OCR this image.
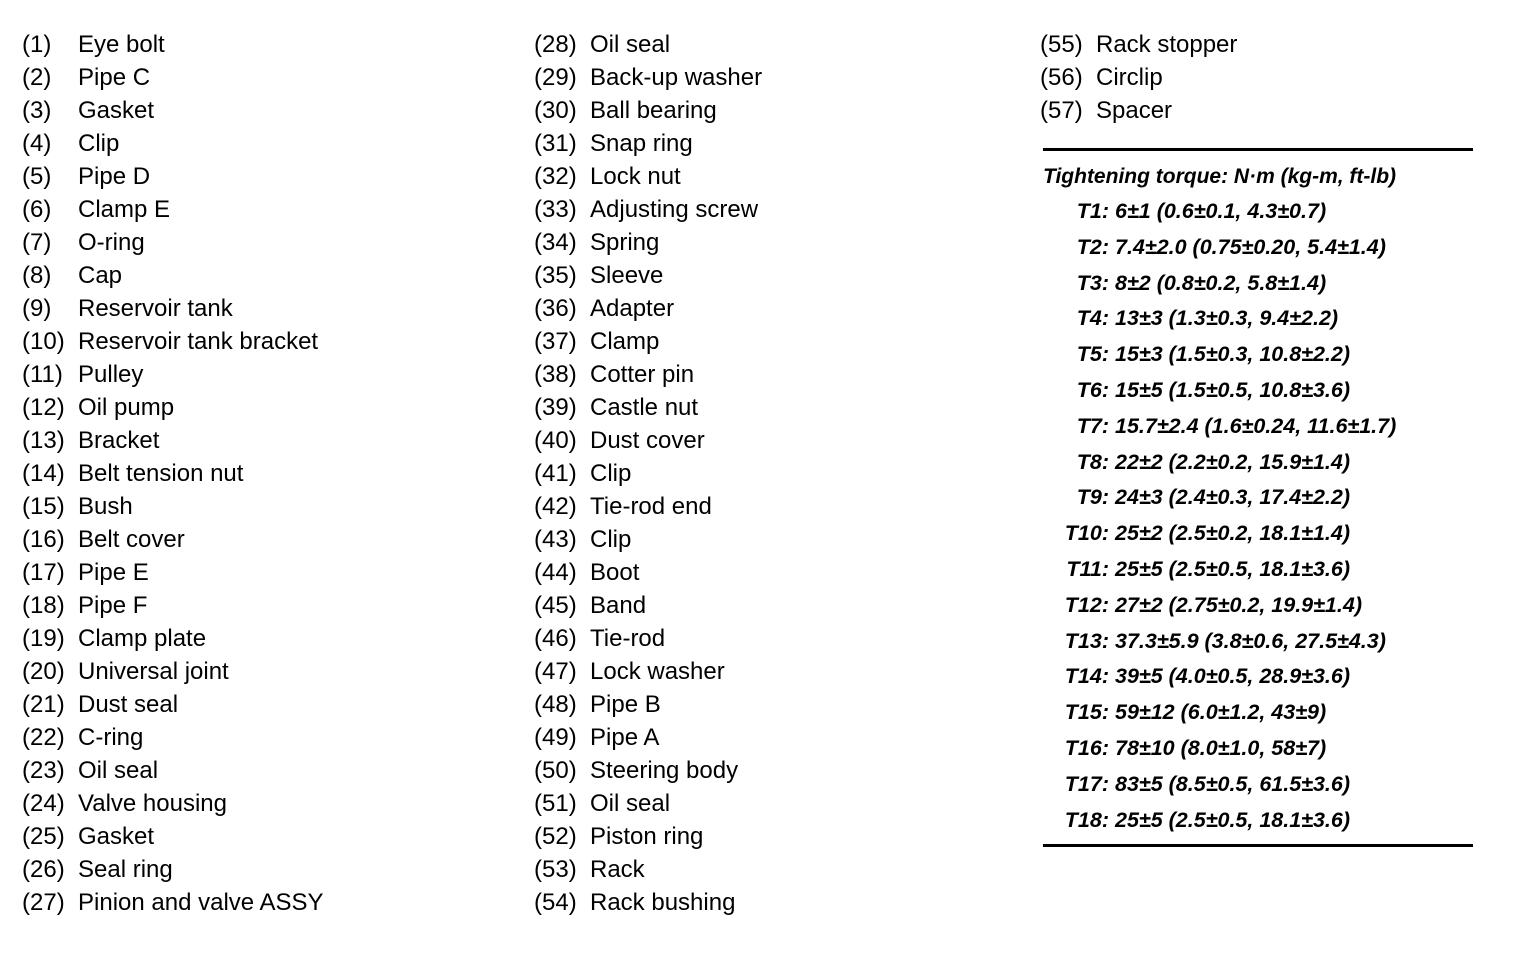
(1) Eye bolt
(2) Pipe C
(3) Gasket
(4) Clip
(5) Pipe D
(6) Clamp E
(7) O-ring
(8) Cap
(9) Reservoir tank
(10) Reservoir tank bracket
(11) Pulley
(12) Oil pump
(13) Bracket
(14) Belt tension nut
(15) Bush
(16) Belt cover
(17) Pipe E
(18) Pipe F
(19) Clamp plate
(20) Universal joint
(21) Dust seal
(22) C-ring
(23) Oil seal
(24) Valve housing
(25) Gasket
(26) Seal ring
(27) Pinion and valve ASSY
(28) Oil seal
(29) Back-up washer
(30) Ball bearing
(31) Snap ring
(32) Lock nut
(33) Adjusting screw
(34) Spring
(35) Sleeve
(36) Adapter
(37) Clamp
(38) Cotter pin
(39) Castle nut
(40) Dust cover
(41) Clip
(42) Tie-rod end
(43) Clip
(44) Boot
(45) Band
(46) Tie-rod
(47) Lock washer
(48) Pipe B
(49) Pipe A
(50) Steering body
(51) Oil seal
(52) Piston ring
(53) Rack
(54) Rack bushing
(55) Rack stopper
(56) Circlip
(57) Spacer
Tightening torque: N·m (kg-m, ft-lb)
T1: 6±1 (0.6±0.1, 4.3±0.7)
T2: 7.4±2.0 (0.75±0.20, 5.4±1.4)
T3: 8±2 (0.8±0.2, 5.8±1.4)
T4: 13±3 (1.3±0.3, 9.4±2.2)
T5: 15±3 (1.5±0.3, 10.8±2.2)
T6: 15±5 (1.5±0.5, 10.8±3.6)
T7: 15.7±2.4 (1.6±0.24, 11.6±1.7)
T8: 22±2 (2.2±0.2, 15.9±1.4)
T9: 24±3 (2.4±0.3, 17.4±2.2)
T10: 25±2 (2.5±0.2, 18.1±1.4)
T11: 25±5 (2.5±0.5, 18.1±3.6)
T12: 27±2 (2.75±0.2, 19.9±1.4)
T13: 37.3±5.9 (3.8±0.6, 27.5±4.3)
T14: 39±5 (4.0±0.5, 28.9±3.6)
T15: 59±12 (6.0±1.2, 43±9)
T16: 78±10 (8.0±1.0, 58±7)
T17: 83±5 (8.5±0.5, 61.5±3.6)
T18: 25±5 (2.5±0.5, 18.1±3.6)
